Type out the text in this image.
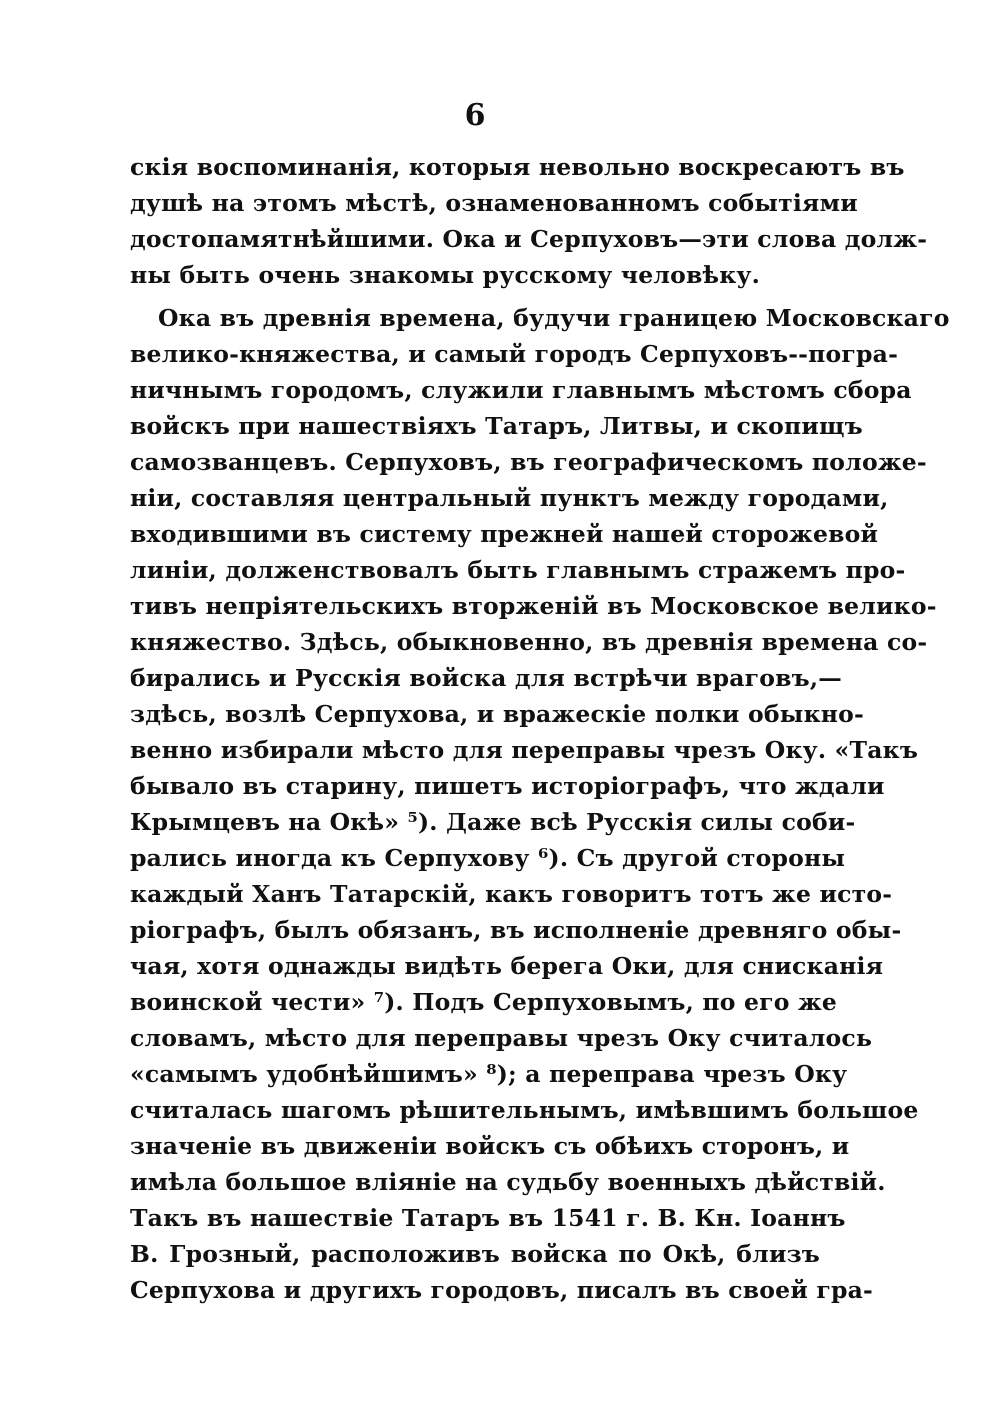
6
скія воспоминанія, которыя невольно воскресаютъ въ
душѣ на этомъ мѣстѣ, ознаменованномъ событіями
достопамятнѣйшими. Ока и Серпуховъ—эти слова долж-
ны быть очень знакомы русскому человѣку.
Ока въ древнія времена, будучи границею Московскаго
велико-княжества, и самый городъ Серпуховъ--погра-
ничнымъ городомъ, служили главнымъ мѣстомъ сбора
войскъ при нашествіяхъ Татаръ, Литвы, и скопищъ
самозванцевъ. Серпуховъ, въ географическомъ положе-
ніи, составляя центральный пунктъ между городами,
входившими въ систему прежней нашей сторожевой
линіи, долженствовалъ быть главнымъ стражемъ про-
тивъ непріятельскихъ вторженій въ Московское велико-
княжество. Здѣсь, обыкновенно, въ древнія времена со-
бирались и Русскія войска для встрѣчи враговъ,—
здѣсь, возлѣ Серпухова, и вражескіе полки обыкно-
венно избирали мѣсто для переправы чрезъ Оку. «Такъ
бывало въ старину, пишетъ исторіографъ, что ждали
Крымцевъ на Окѣ» ⁵). Даже всѣ Русскія силы соби-
рались иногда къ Серпухову ⁶). Съ другой стороны
каждый Ханъ Татарскій, какъ говоритъ тотъ же исто-
ріографъ, былъ обязанъ, въ исполненіе древняго обы-
чая, хотя однажды видѣть берега Оки, для снисканія
воинской чести» ⁷). Подъ Серпуховымъ, по его же
словамъ, мѣсто для переправы чрезъ Оку считалось
«самымъ удобнѣйшимъ» ⁸); а переправа чрезъ Оку
считалась шагомъ рѣшительнымъ, имѣвшимъ большое
значеніе въ движеніи войскъ съ обѣихъ сторонъ, и
имѣла большое вліяніе на судьбу военныхъ дѣйствій.
Такъ въ нашествіе Татаръ въ 1541 г. В. Кн. Іоаннъ
В. Грозный, расположивъ войска по Окѣ, близъ
Серпухова и другихъ городовъ, писалъ въ своей гра-
